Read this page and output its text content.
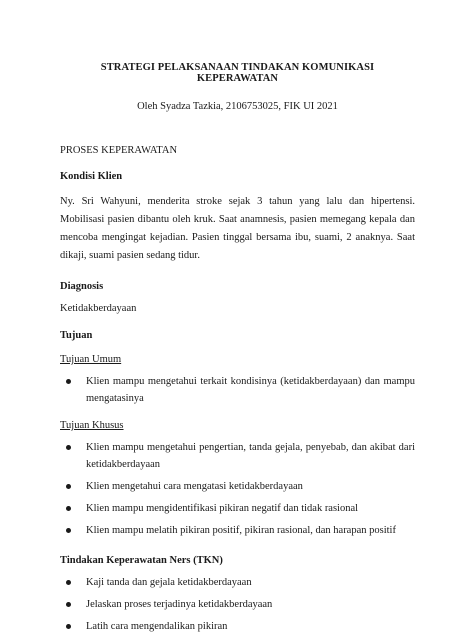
STRATEGI PELAKSANAAN TINDAKAN KOMUNIKASI KEPERAWATAN

Oleh Syadza Tazkia, 2106753025, FIK UI 2021

PROSES KEPERAWATAN
Kondisi Klien

Ny. Sri Wahyuni, menderita stroke sejak 3 tahun yang lalu dan hipertensi. Mobilisasi pasien dibantu oleh kruk. Saat anamnesis, pasien memegang kepala dan mencoba mengingat kejadian. Pasien tinggal bersama ibu, suami, 2 anaknya. Saat dikaji, suami pasien sedang tidur.

Diagnosis

Ketidakberdayaan

Tujuan

Tujuan Umum

Klien mampu mengetahui terkait kondisinya (ketidakberdayaan) dan mampu mengatasinya

Tujuan Khusus

Klien mampu mengetahui pengertian, tanda gejala, penyebab, dan akibat dari ketidakberdayaan
Klien mengetahui cara mengatasi ketidakberdayaan
Klien mampu mengidentifikasi pikiran negatif dan tidak rasional
Klien mampu melatih pikiran positif, pikiran rasional, dan harapan positif
Tindakan Keperawatan Ners (TKN)
Kaji tanda dan gejala ketidakberdayaan
Jelaskan proses terjadinya ketidakberdayaan
Latih cara mengendalikan pikiran
